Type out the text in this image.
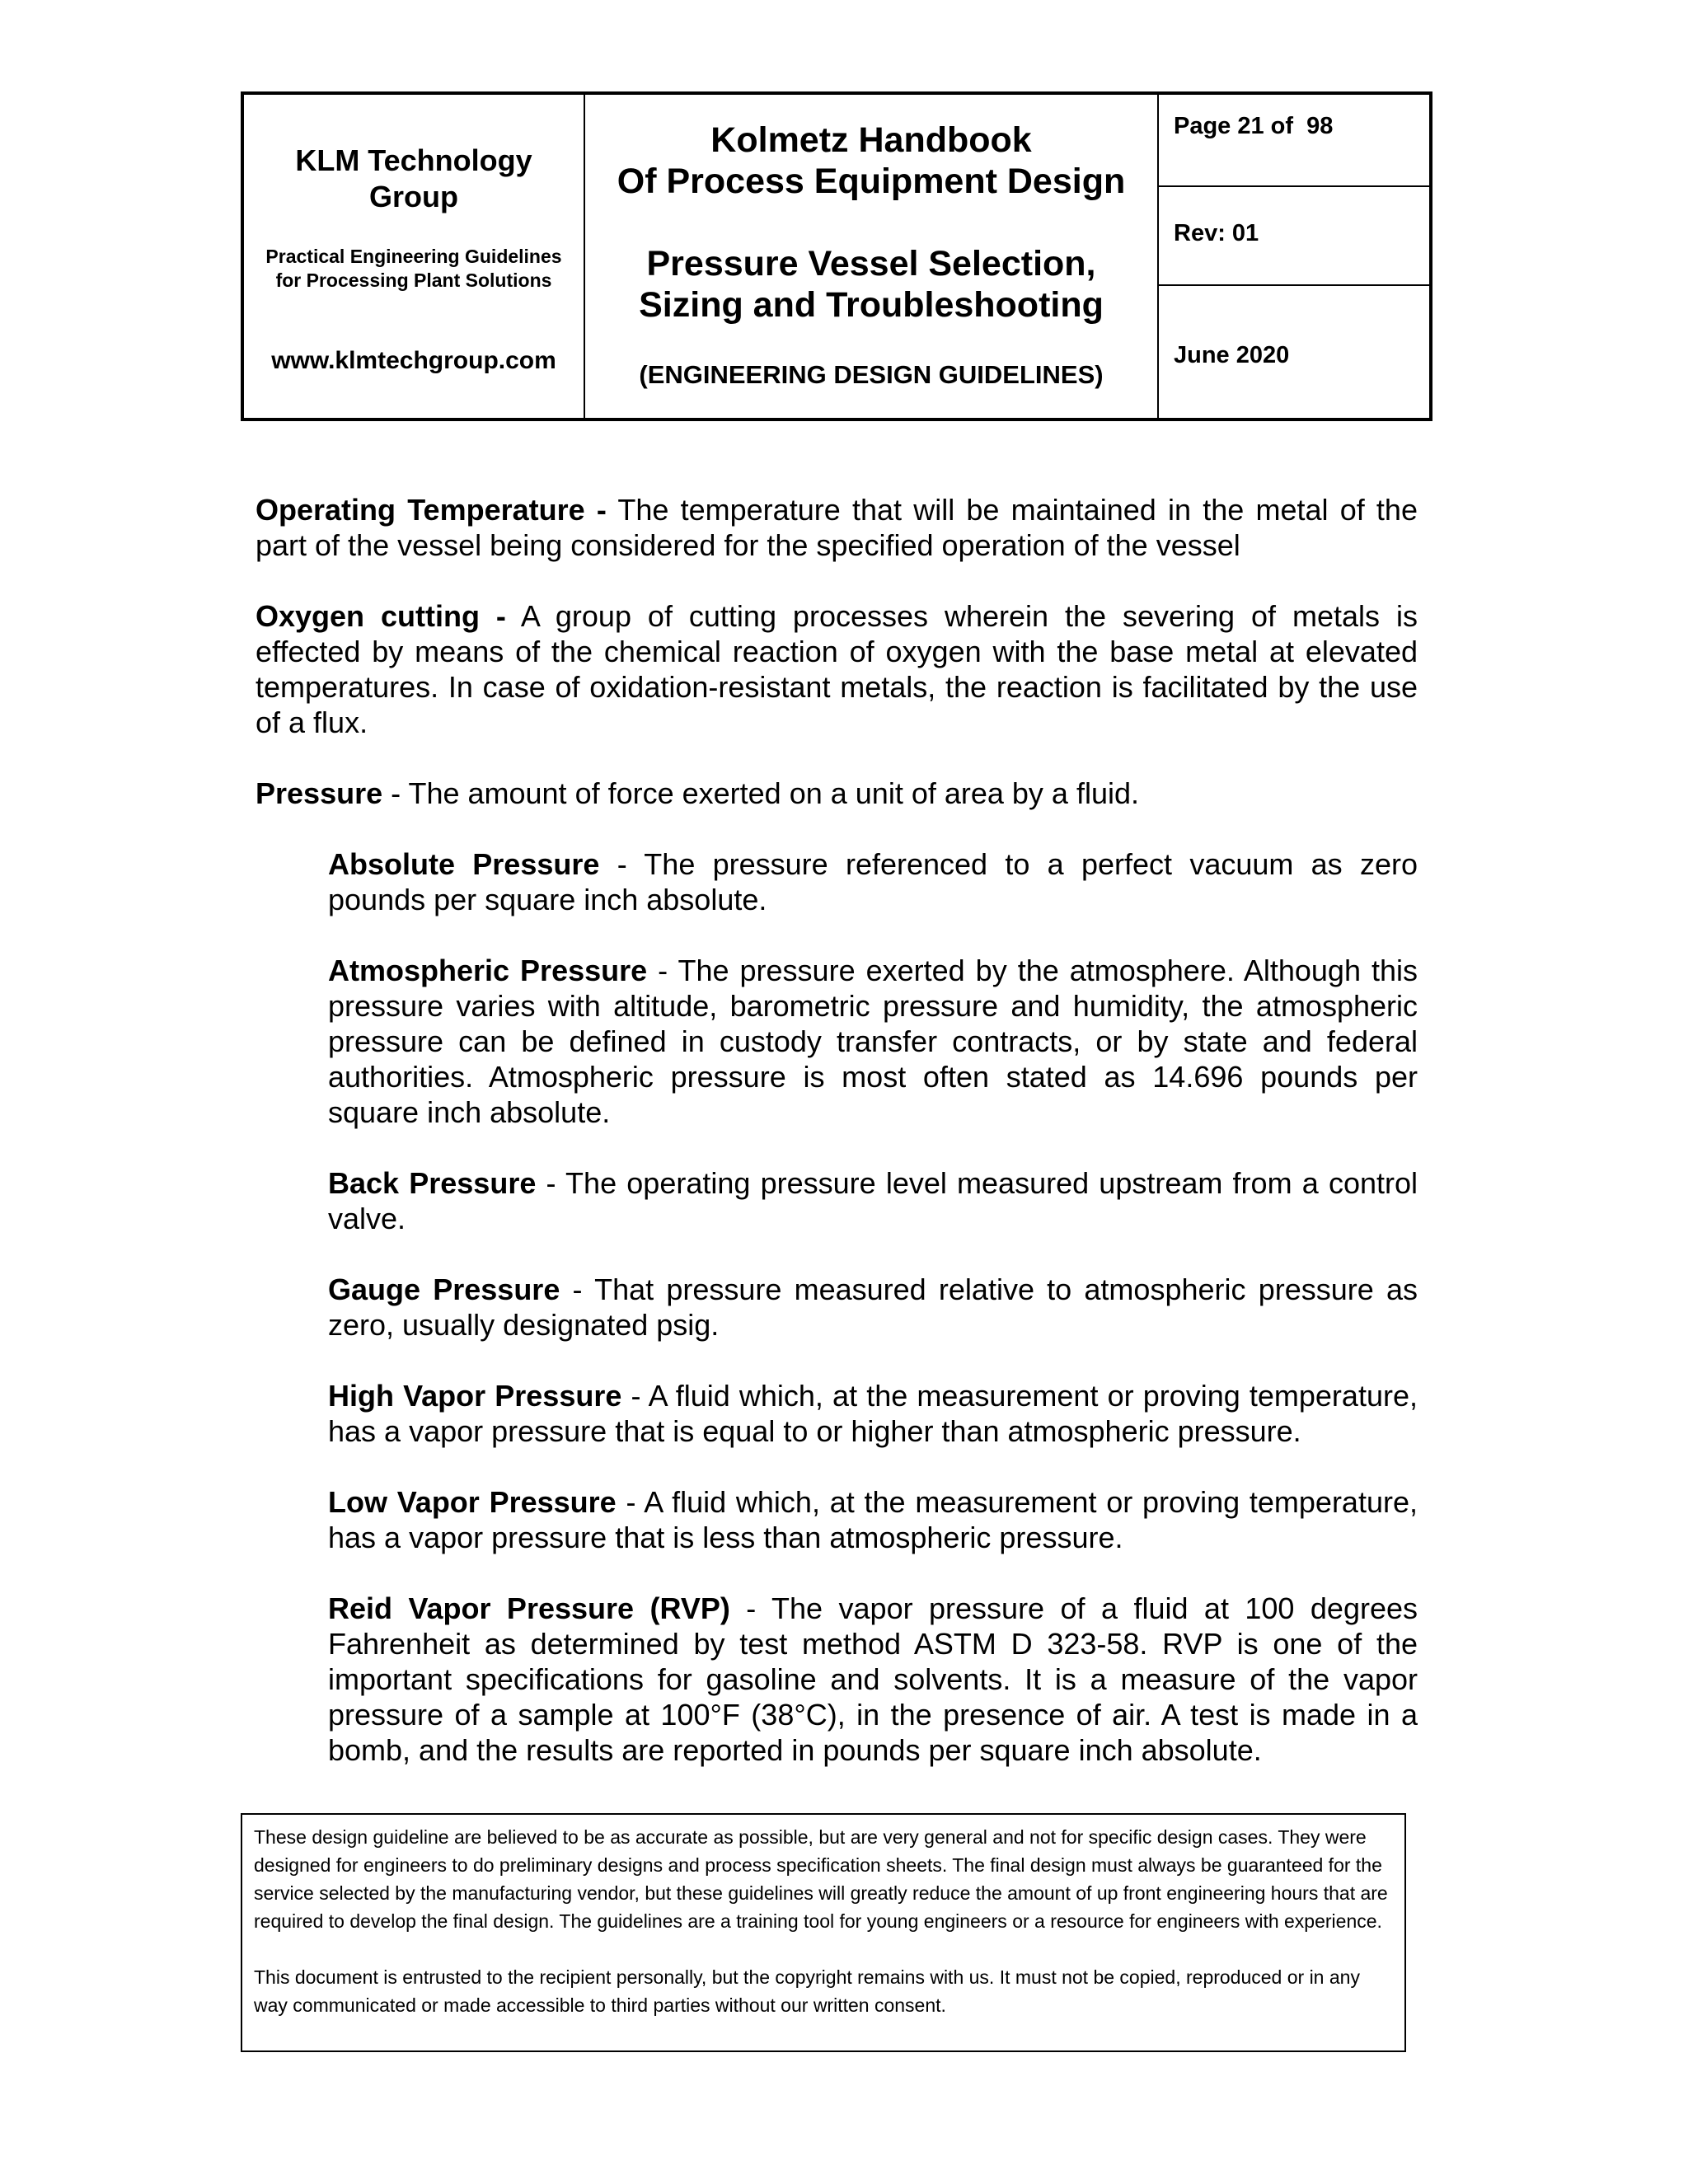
KLM Technology Group
Practical Engineering Guidelines for Processing Plant Solutions
www.klmtechgroup.com
Kolmetz Handbook
Of Process Equipment Design
Pressure Vessel Selection,
Sizing and Troubleshooting
(ENGINEERING DESIGN GUIDELINES)
Page 21 of  98
Rev: 01
June 2020

Operating Temperature - The temperature that will be maintained in the metal of the part of the vessel being considered for the specified operation of the vessel

Oxygen cutting - A group of cutting processes wherein the severing of metals is effected by means of the chemical reaction of oxygen with the base metal at elevated temperatures. In case of oxidation-resistant metals, the reaction is facilitated by the use of a flux.

Pressure - The amount of force exerted on a unit of area by a fluid.

Absolute Pressure - The pressure referenced to a perfect vacuum as zero pounds per square inch absolute.

Atmospheric Pressure - The pressure exerted by the atmosphere. Although this pressure varies with altitude, barometric pressure and humidity, the atmospheric pressure can be defined in custody transfer contracts, or by state and federal authorities. Atmospheric pressure is most often stated as 14.696 pounds per square inch absolute.

Back Pressure - The operating pressure level measured upstream from a control valve.

Gauge Pressure - That pressure measured relative to atmospheric pressure as zero, usually designated psig.

High Vapor Pressure - A fluid which, at the measurement or proving temperature, has a vapor pressure that is equal to or higher than atmospheric pressure.

Low Vapor Pressure - A fluid which, at the measurement or proving temperature, has a vapor pressure that is less than atmospheric pressure.

Reid Vapor Pressure (RVP) - The vapor pressure of a fluid at 100 degrees Fahrenheit as determined by test method ASTM D 323-58. RVP is one of the important specifications for gasoline and solvents. It is a measure of the vapor pressure of a sample at 100°F (38°C), in the presence of air. A test is made in a bomb, and the results are reported in pounds per square inch absolute.

These design guideline are believed to be as accurate as possible, but are very general and not for specific design cases. They were designed for engineers to do preliminary designs and process specification sheets. The final design must always be guaranteed for the service selected by the manufacturing vendor, but these guidelines will greatly reduce the amount of up front engineering hours that are required to develop the final design. The guidelines are a training tool for young engineers or a resource for engineers with experience.

This document is entrusted to the recipient personally, but the copyright remains with us. It must not be copied, reproduced or in any way communicated or made accessible to third parties without our written consent.
